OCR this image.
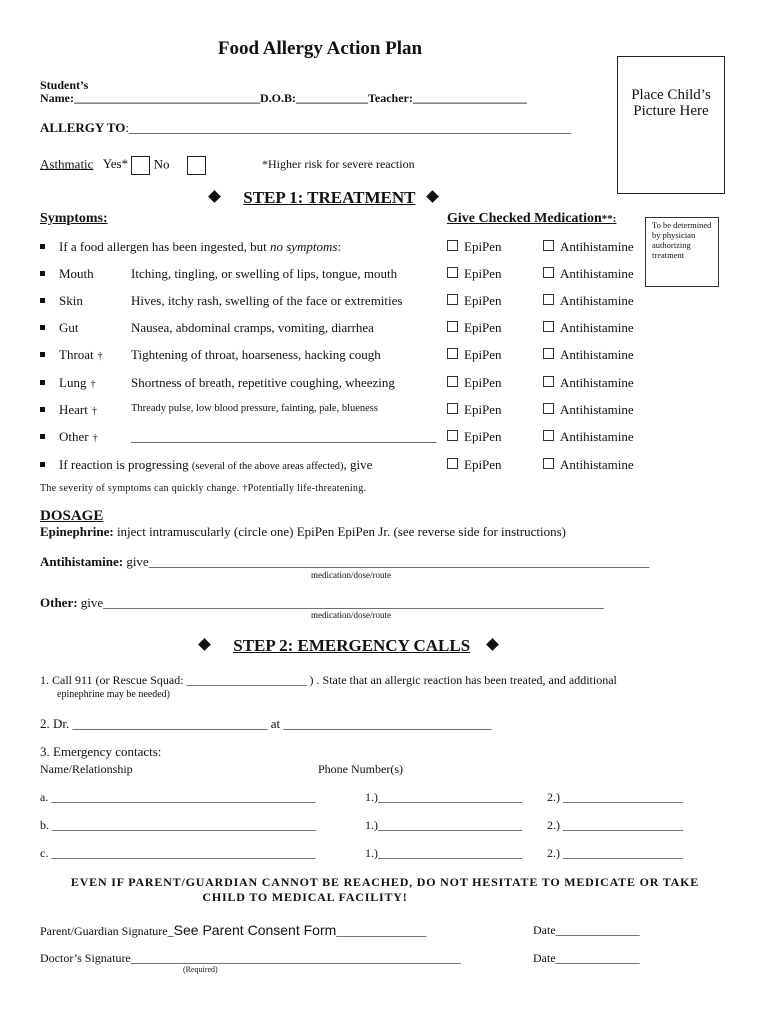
Food Allergy Action Plan
Place Child’s Picture Here
Student’s
Name:_______________________________D.O.B:____________Teacher:___________________
ALLERGY TO:____________________________________________________________________
Asthmatic Yes* No	*Higher risk for severe reaction
STEP 1: TREATMENT
Symptoms:	Give Checked Medication**:	To be determined by physician authorizing treatment
If a food allergen has been ingested, but no symptoms:	EpiPen	Antihistamine
Mouth	Itching, tingling, or swelling of lips, tongue, mouth	EpiPen	Antihistamine
Skin	Hives, itchy rash, swelling of the face or extremities	EpiPen	Antihistamine
Gut	Nausea, abdominal cramps, vomiting, diarrhea	EpiPen	Antihistamine
Throat † Tightening of throat, hoarseness, hacking cough	EpiPen	Antihistamine
Lung †	Shortness of breath, repetitive coughing, wheezing	EpiPen	Antihistamine
Heart †	Thready pulse, low blood pressure, fainting, pale, blueness	EpiPen	Antihistamine
Other †	_______________________________________________	EpiPen	Antihistamine
If reaction is progressing (several of the above areas affected), give	EpiPen	Antihistamine
The severity of symptoms can quickly change. †Potentially life-threatening.
DOSAGE
Epinephrine: inject intramuscularly (circle one) EpiPen EpiPen Jr. (see reverse side for instructions)
Antihistamine: give_____________________________________________________________________________
medication/dose/route
Other: give_____________________________________________________________________________
medication/dose/route
STEP 2: EMERGENCY CALLS
1. Call 911 (or Rescue Squad: ____________________ ) . State that an allergic reaction has been treated, and additional
epinephrine may be needed)
2. Dr. ______________________________ at ________________________________
3. Emergency contacts:
Name/Relationship	Phone Number(s)
a. ____________________________________________	1.)________________________ 2.) ____________________
b. ____________________________________________	1.)________________________ 2.) ____________________
c. ____________________________________________	1.)________________________ 2.) ____________________
EVEN IF PARENT/GUARDIAN CANNOT BE REACHED, DO NOT HESITATE TO MEDICATE OR TAKE
CHILD TO MEDICAL FACILITY!
Parent/Guardian Signature_See Parent Consent Form_______________	Date______________
Doctor’s Signature_______________________________________________________
(Required)
Date______________
